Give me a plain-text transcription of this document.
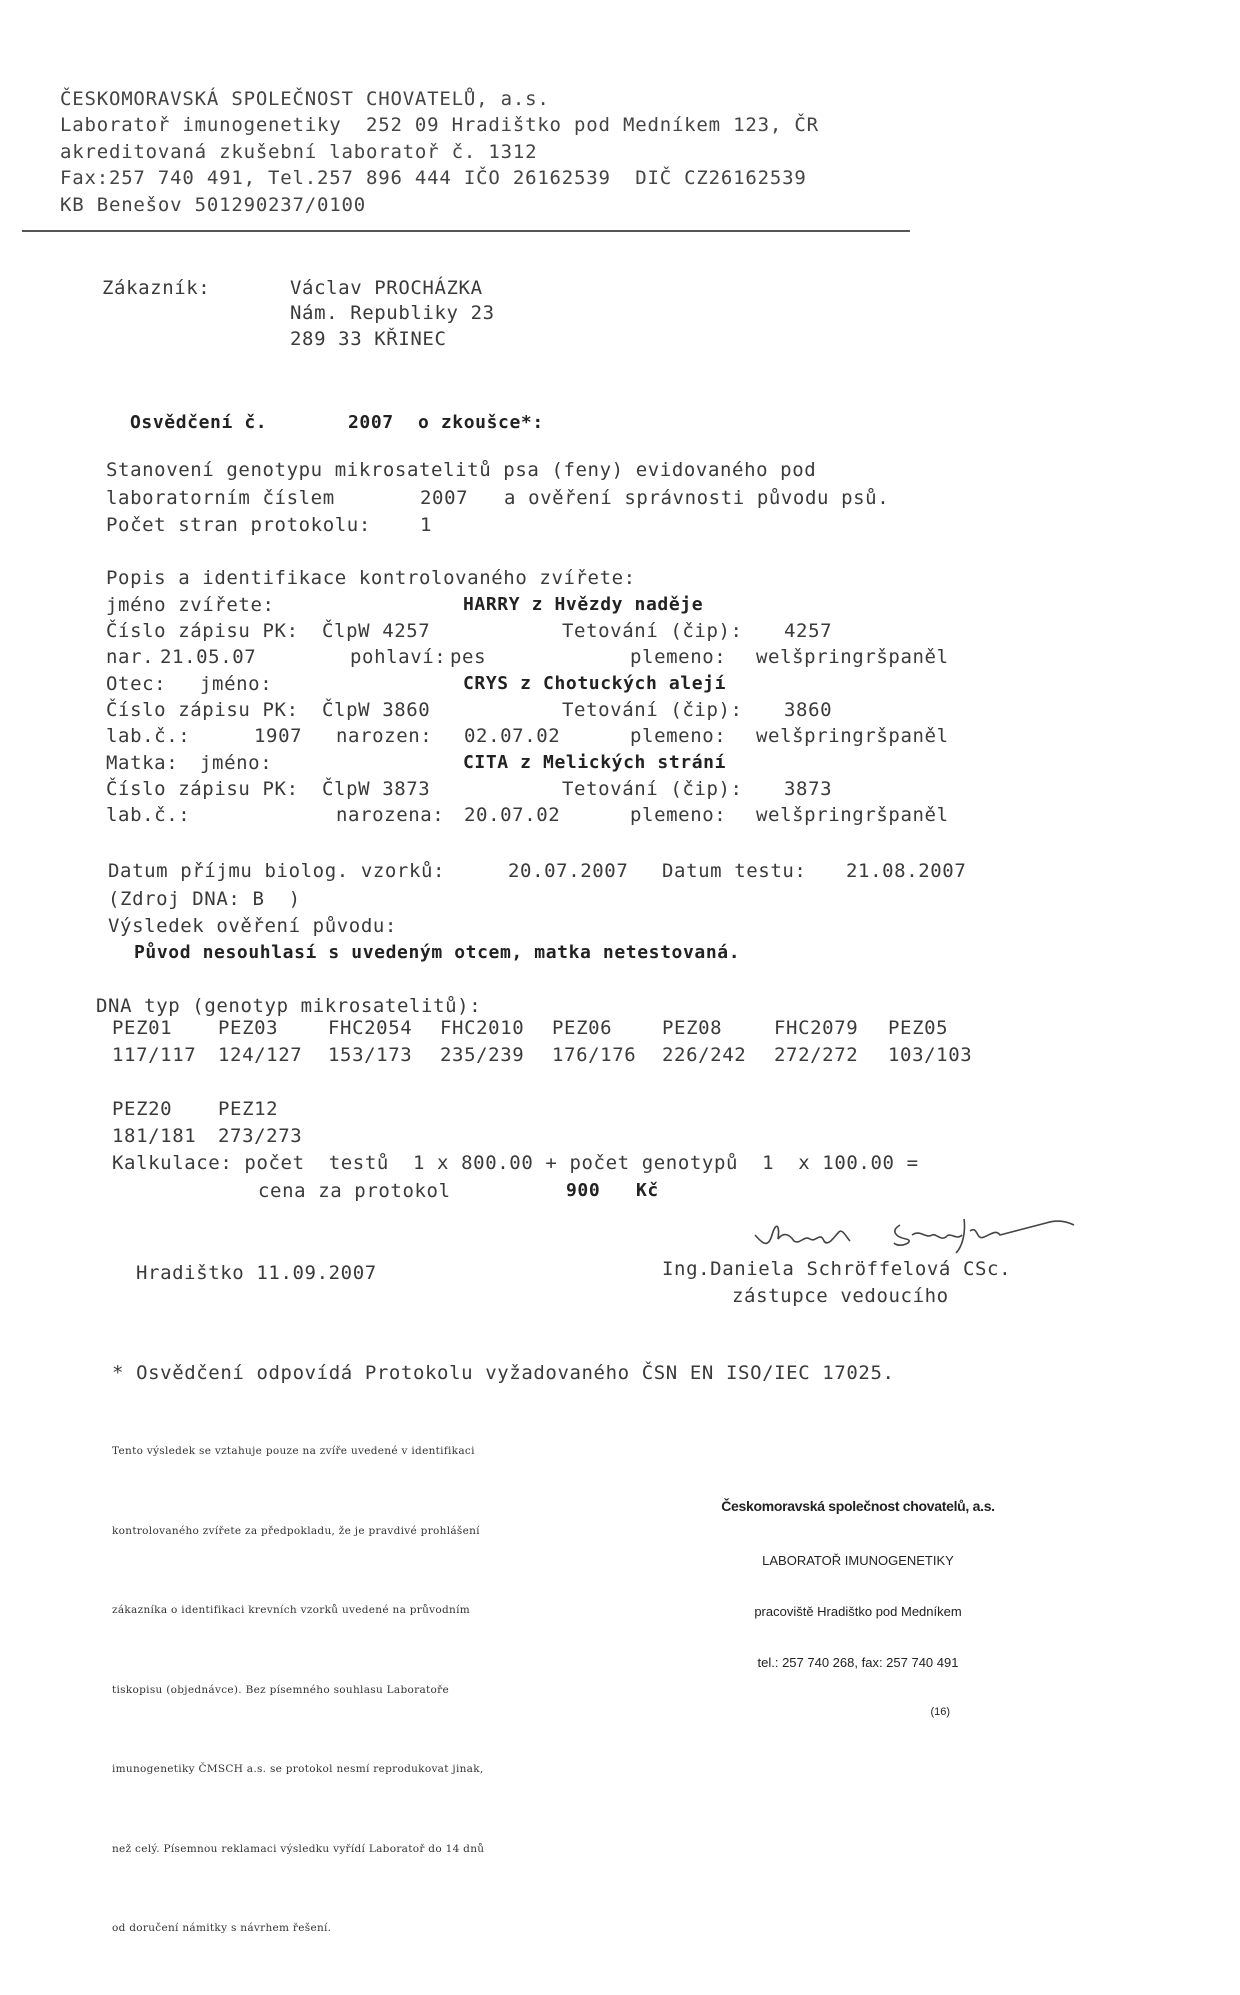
ČESKOMORAVSKÁ SPOLEČNOST CHOVATELŮ, a.s.
Laboratoř imunogenetiky  252 09 Hradištko pod Medníkem 123, ČR
akreditovaná zkušební laboratoř č. 1312
Fax:257 740 491, Tel.257 896 444 IČO 26162539  DIČ CZ26162539
KB Benešov 501290237/0100
Zákazník:	Václav PROCHÁZKA
Nám. Republiky 23
289 33 KŘINEC
Osvědčení č.	2007 o zkoušce*:
Stanovení genotypu mikrosatelitů psa (feny) evidovaného pod
laboratorním číslem	2007 a ověření správnosti původu psů.
Počet stran protokolu:	1
Popis a identifikace kontrolovaného zvířete:
jméno zvířete:	HARRY z Hvězdy naděje
Číslo zápisu PK: ČlpW 4257	Tetování (čip): 4257
nar. 21.05.07	pohlaví: pes	plemeno: welšpringršpaněl
Otec: jméno:	CRYS z Chotuckých alejí
Číslo zápisu PK: ČlpW 3860	Tetování (čip): 3860
lab.č.:	1907 narozen: 02.07.02	plemeno: welšpringršpaněl
Matka: jméno:	CITA z Melických strání
Číslo zápisu PK: ČlpW 3873	Tetování (čip): 3873
lab.č.:	narozena: 20.07.02	plemeno: welšpringršpaněl
Datum příjmu biolog. vzorků:	20.07.2007 Datum testu: 21.08.2007
(Zdroj DNA: B  )
Výsledek ověření původu:
Původ nesouhlasí s uvedeným otcem, matka netestovaná.
DNA typ (genotyp mikrosatelitů):
PEZ01 PEZ03	FHC2054 FHC2010 PEZ06	PEZ08	FHC2079 PEZ05
117/117 124/127 153/173 235/239 176/176 226/242 272/272 103/103
PEZ20 PEZ12
181/181 273/273
Kalkulace: počet  testů  1 x 800.00 + počet genotypů  1  x 100.00 =
cena za protokol	900 Kč
Hradištko 11.09.2007	Ing.Daniela Schröffelová CSc.
zástupce vedoucího
* Osvědčení odpovídá Protokolu vyžadovaného ČSN EN ISO/IEC 17025.

Tento výsledek se vztahuje pouze na zvíře uvedené v identifikaci

kontrolovaného zvířete za předpokladu, že je pravdivé prohlášení

zákazníka o identifikaci krevních vzorků uvedené na průvodním

tiskopisu (objednávce). Bez písemného souhlasu Laboratoře

imunogenetiky ČMSCH a.s. se protokol nesmí reprodukovat jinak,

než celý. Písemnou reklamaci výsledku vyřídí Laboratoř do 14 dnů

od doručení námitky s návrhem řešení.

Českomoravská společnost chovatelů, a.s.

LABORATOŘ IMUNOGENETIKY

pracoviště Hradištko pod Medníkem

tel.: 257 740 268, fax: 257 740 491

(16)
